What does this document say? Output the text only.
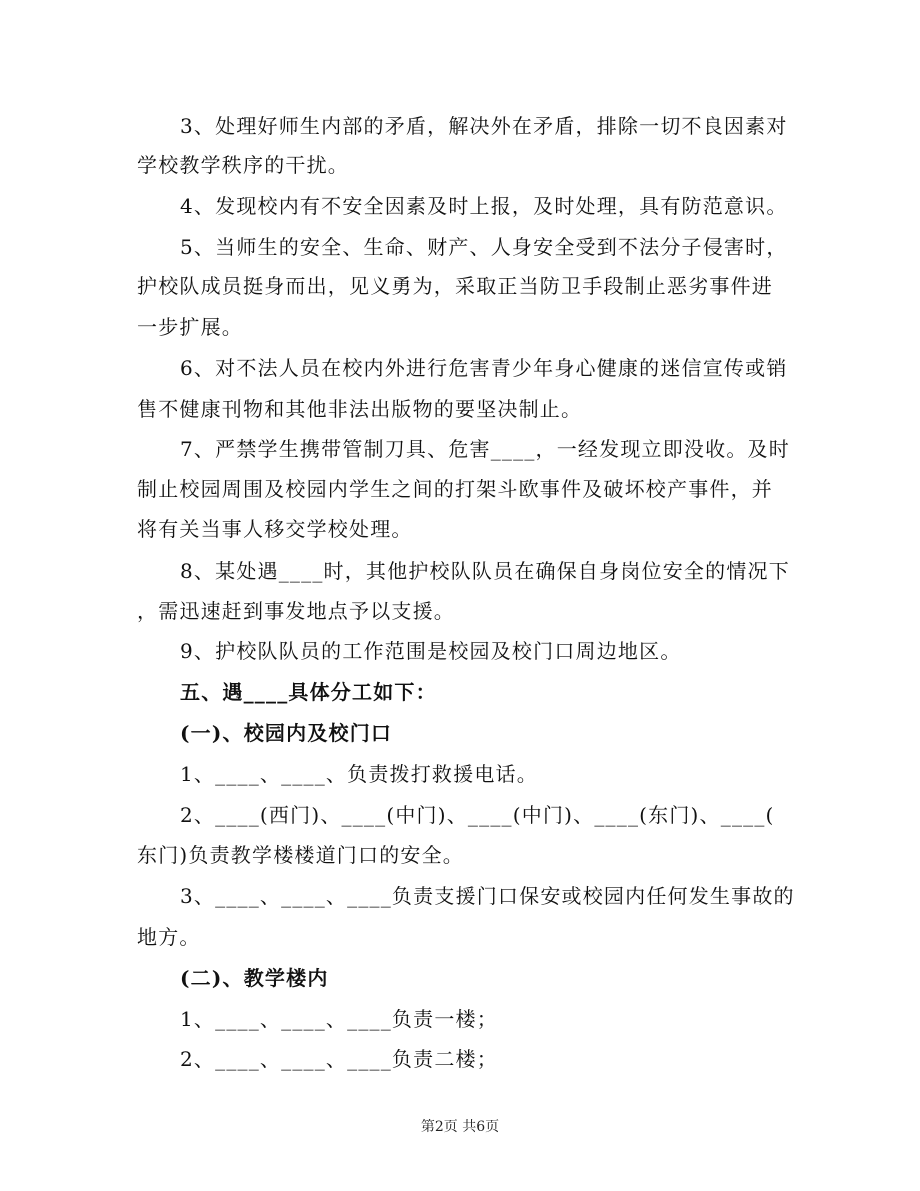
3、处理好师生内部的矛盾，解决外在矛盾，排除一切不良因素对
学校教学秩序的干扰。
4、发现校内有不安全因素及时上报，及时处理，具有防范意识。
5、当师生的安全、生命、财产、人身安全受到不法分子侵害时，
护校队成员挺身而出，见义勇为，采取正当防卫手段制止恶劣事件进
一步扩展。
6、对不法人员在校内外进行危害青少年身心健康的迷信宣传或销
售不健康刊物和其他非法出版物的要坚决制止。
7、严禁学生携带管制刀具、危害____，一经发现立即没收。及时
制止校园周围及校园内学生之间的打架斗欧事件及破坏校产事件，并
将有关当事人移交学校处理。
8、某处遇____时，其他护校队队员在确保自身岗位安全的情况下
，需迅速赶到事发地点予以支援。
9、护校队队员的工作范围是校园及校门口周边地区。
五、遇____具体分工如下：
(一)、校园内及校门口
1、____、____、负责拨打救援电话。
2、____(西门)、____(中门)、____(中门)、____(东门)、____(
东门)负责教学楼楼道门口的安全。
3、____、____、____负责支援门口保安或校园内任何发生事故的
地方。
(二)、教学楼内
1、____、____、____负责一楼；
2、____、____、____负责二楼；
第2页 共6页
